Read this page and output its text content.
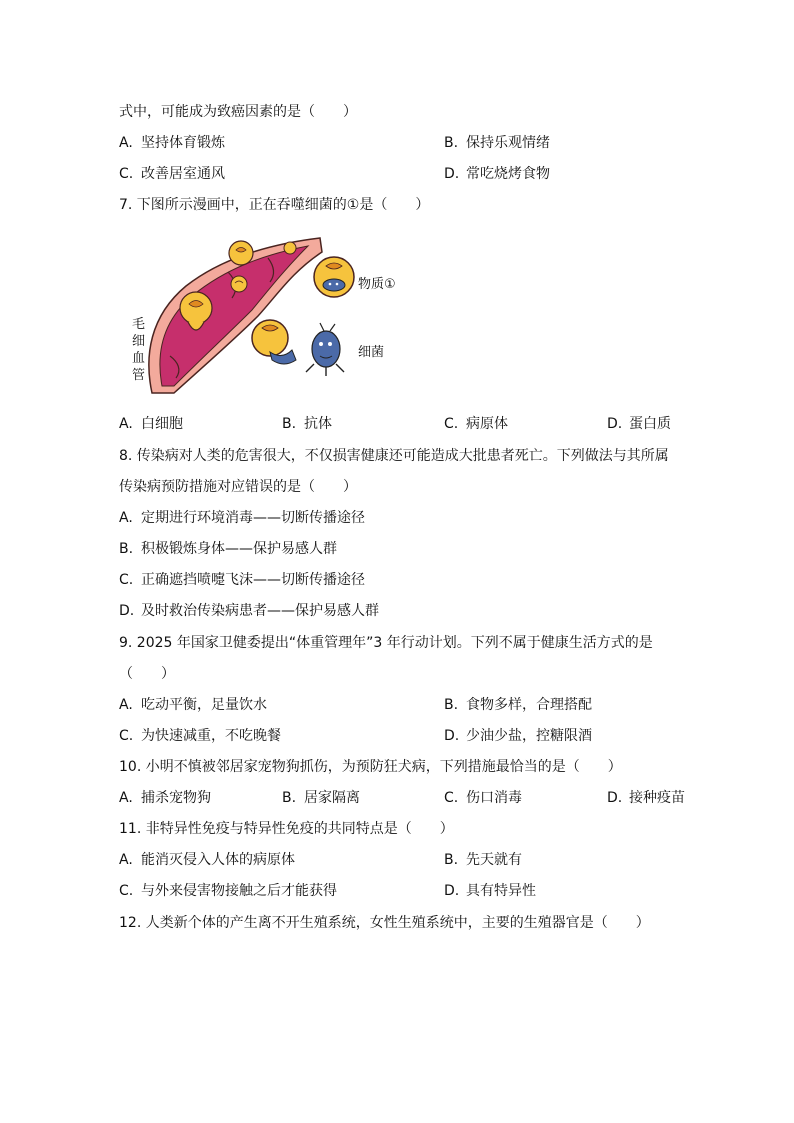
式中，可能成为致癌因素的是（　　）
A. 坚持体育锻炼	B. 保持乐观情绪
C. 改善居室通风	D. 常吃烧烤食物
7. 下图所示漫画中，正在吞噬细菌的①是（　　）
物质①
细菌
毛
细
血
管
A. 白细胞	B. 抗体	C. 病原体	D. 蛋白质
8. 传染病对人类的危害很大，不仅损害健康还可能造成大批患者死亡。下列做法与其所属
传染病预防措施对应错误的是（　　）
A. 定期进行环境消毒——切断传播途径
B. 积极锻炼身体——保护易感人群
C. 正确遮挡喷嚏飞沫——切断传播途径
D. 及时救治传染病患者——保护易感人群
9. 2025 年国家卫健委提出“体重管理年”3 年行动计划。下列不属于健康生活方式的是
（　　）
A. 吃动平衡，足量饮水	B. 食物多样，合理搭配
C. 为快速减重，不吃晚餐	D. 少油少盐，控糖限酒
10. 小明不慎被邻居家宠物狗抓伤，为预防狂犬病，下列措施最恰当的是（　　）
A. 捕杀宠物狗	B. 居家隔离	C. 伤口消毒	D. 接种疫苗
11. 非特异性免疫与特异性免疫的共同特点是（　　）
A. 能消灭侵入人体的病原体	B. 先天就有
C. 与外来侵害物接触之后才能获得	D. 具有特异性
12. 人类新个体的产生离不开生殖系统，女性生殖系统中，主要的生殖器官是（　　）
